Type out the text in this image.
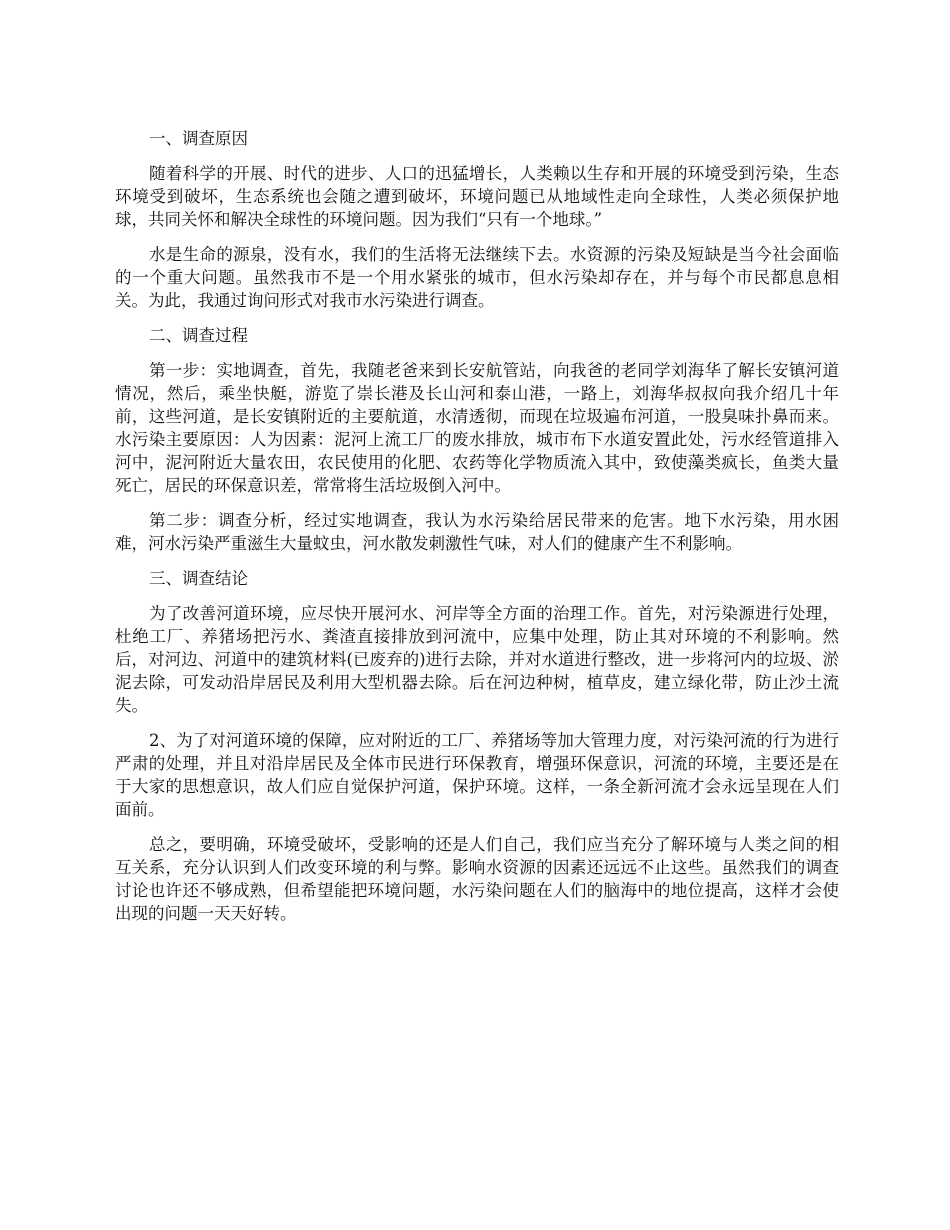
一、调查原因

随着科学的开展、时代的进步、人口的迅猛增长，人类赖以生存和开展的环境受到污染，生态环境受到破坏，生态系统也会随之遭到破坏，环境问题已从地域性走向全球性，人类必须保护地球，共同关怀和解决全球性的环境问题。因为我们“只有一个地球。”

水是生命的源泉，没有水，我们的生活将无法继续下去。水资源的污染及短缺是当今社会面临的一个重大问题。虽然我市不是一个用水紧张的城市，但水污染却存在，并与每个市民都息息相关。为此，我通过询问形式对我市水污染进行调查。

二、调查过程

第一步：实地调查，首先，我随老爸来到长安航管站，向我爸的老同学刘海华了解长安镇河道情况，然后，乘坐快艇，游览了崇长港及长山河和泰山港，一路上，刘海华叔叔向我介绍几十年前，这些河道，是长安镇附近的主要航道，水清透彻，而现在垃圾遍布河道，一股臭味扑鼻而来。水污染主要原因：人为因素：泥河上流工厂的废水排放，城市布下水道安置此处，污水经管道排入河中，泥河附近大量农田，农民使用的化肥、农药等化学物质流入其中，致使藻类疯长，鱼类大量死亡，居民的环保意识差，常常将生活垃圾倒入河中。

第二步：调查分析，经过实地调查，我认为水污染给居民带来的危害。地下水污染，用水困难，河水污染严重滋生大量蚊虫，河水散发刺激性气味，对人们的健康产生不利影响。

三、调查结论

为了改善河道环境，应尽快开展河水、河岸等全方面的治理工作。首先，对污染源进行处理，杜绝工厂、养猪场把污水、粪渣直接排放到河流中，应集中处理，防止其对环境的不利影响。然后，对河边、河道中的建筑材料(已废弃的)进行去除，并对水道进行整改，进一步将河内的垃圾、淤泥去除，可发动沿岸居民及利用大型机器去除。后在河边种树，植草皮，建立绿化带，防止沙土流失。

2、为了对河道环境的保障，应对附近的工厂、养猪场等加大管理力度，对污染河流的行为进行严肃的处理，并且对沿岸居民及全体市民进行环保教育，增强环保意识，河流的环境，主要还是在于大家的思想意识，故人们应自觉保护河道，保护环境。这样，一条全新河流才会永远呈现在人们面前。

总之，要明确，环境受破坏，受影响的还是人们自己，我们应当充分了解环境与人类之间的相互关系，充分认识到人们改变环境的利与弊。影响水资源的因素还远远不止这些。虽然我们的调查讨论也许还不够成熟，但希望能把环境问题，水污染问题在人们的脑海中的地位提高，这样才会使出现的问题一天天好转。
